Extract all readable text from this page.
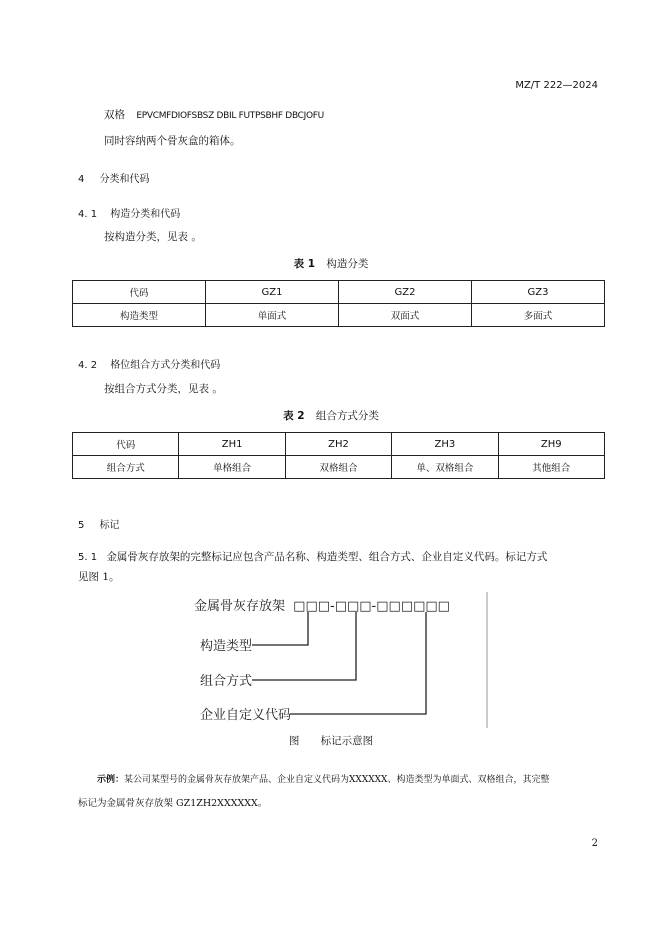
MZ/T 222—2024
双格 EPVCMFDIOFSBSZ DBIL FUTPSBHF DBCJOFU
同时容纳两个骨灰盒的箱体。
4 分类和代码
4. 1 构造分类和代码
按构造分类，见表 。
表 1 构造分类
代码	GZ1	GZ2	GZ3
构造类型	单面式	双面式	多面式
4. 2 格位组合方式分类和代码
按组合方式分类，见表 。
表 2 组合方式分类
代码	ZH1	ZH2	ZH3	ZH9
组合方式	单格组合	双格组合	单、双格组合	其他组合
5 标记
5. 1 金属骨灰存放架的完整标记应包含产品名称、构造类型、组合方式、企业自定义代码。标记方式
见图 1。
金属骨灰存放架 □□□-□□□-□□□□□□
构造类型
组合方式
企业自定义代码
图 标记示意图
示例：某公司某型号的金属骨灰存放架产品、企业自定义代码为XXXXXX、构造类型为单面式、双格组合，其完整
标记为金属骨灰存放架 GZ1ZH2XXXXXX。
2
